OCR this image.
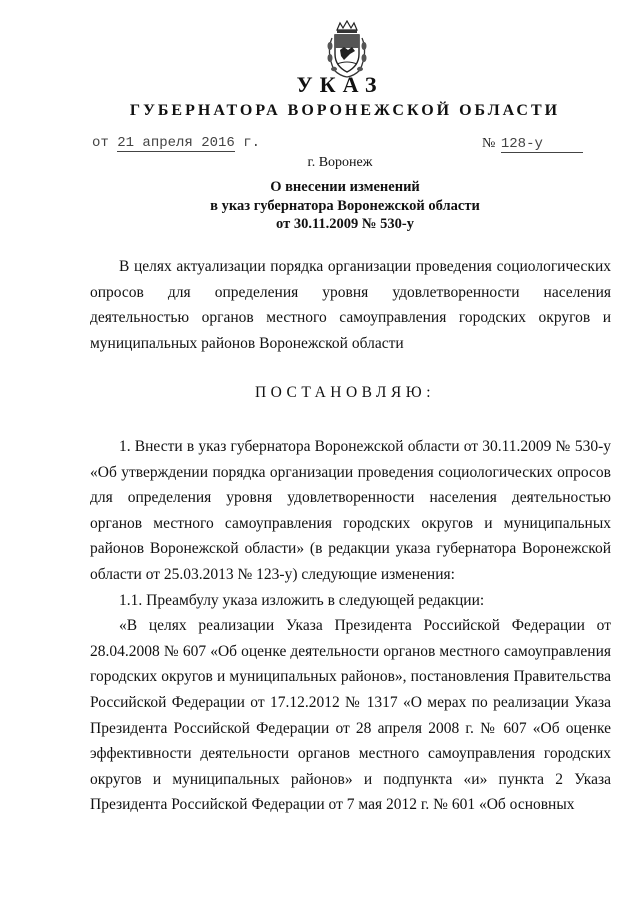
УКАЗ
ГУБЕРНАТОРА ВОРОНЕЖСКОЙ ОБЛАСТИ
от 21 апреля 2016 г.	№ 128-у
г. Воронеж
О внесении изменений
в указ губернатора Воронежской области
от 30.11.2009 № 530-у

В целях актуализации порядка организации проведения социологических опросов для определения уровня удовлетворенности населения деятельностью органов местного самоуправления городских округов и муниципальных районов Воронежской области

ПОСТАНОВЛЯЮ:

1. Внести в указ губернатора Воронежской области от 30.11.2009 № 530-у «Об утверждении порядка организации проведения социологических опросов для определения уровня удовлетворенности населения деятельностью органов местного самоуправления городских округов и муниципальных районов Воронежской области» (в редакции указа губернатора Воронежской области от 25.03.2013 № 123-у) следующие изменения:

1.1. Преамбулу указа изложить в следующей редакции:

«В целях реализации Указа Президента Российской Федерации от 28.04.2008 № 607 «Об оценке деятельности органов местного самоуправления городских округов и муниципальных районов», постановления Правительства Российской Федерации от 17.12.2012 № 1317 «О мерах по реализации Указа Президента Российской Федерации от 28 апреля 2008 г. № 607 «Об оценке эффективности деятельности органов местного самоуправления городских округов и муниципальных районов» и подпункта «и» пункта 2 Указа Президента Российской Федерации от 7 мая 2012 г. № 601 «Об основных
